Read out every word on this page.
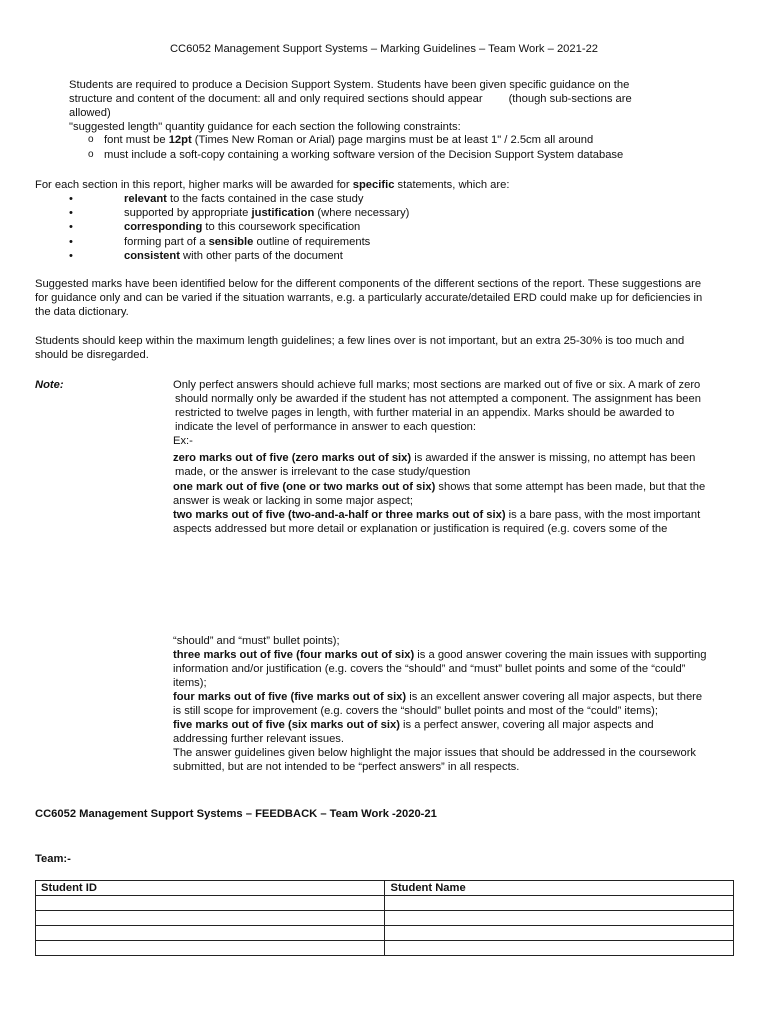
CC6052 Management Support Systems – Marking Guidelines – Team Work – 2021-22
Students are required to produce a Decision Support System. Students have been given specific guidance on the
structure and content of the document: all and only required sections should appear (though sub-sections are
allowed)
"suggested length" quantity guidance for each section the following constraints:
o font must be 12pt (Times New Roman or Arial) page margins must be at least 1" / 2.5cm all around
o must include a soft-copy containing a working software version of the Decision Support System database
For each section in this report, higher marks will be awarded for specific statements, which are:
•	relevant to the facts contained in the case study
•	supported by appropriate justification (where necessary)
•	corresponding to this coursework specification
•	forming part of a sensible outline of requirements
•	consistent with other parts of the document
Suggested marks have been identified below for the different components of the different sections of the report. These suggestions are
for guidance only and can be varied if the situation warrants, e.g. a particularly accurate/detailed ERD could make up for deficiencies in
the data dictionary.
Students should keep within the maximum length guidelines; a few lines over is not important, but an extra 25-30% is too much and
should be disregarded.
Note:	Only perfect answers should achieve full marks; most sections are marked out of five or six. A mark of zero
should normally only be awarded if the student has not attempted a component. The assignment has been
restricted to twelve pages in length, with further material in an appendix. Marks should be awarded to
indicate the level of performance in answer to each question:
Ex:-
zero marks out of five (zero marks out of six) is awarded if the answer is missing, no attempt has been
made, or the answer is irrelevant to the case study/question
one mark out of five (one or two marks out of six) shows that some attempt has been made, but that the
answer is weak or lacking in some major aspect;
two marks out of five (two-and-a-half or three marks out of six) is a bare pass, with the most important
aspects addressed but more detail or explanation or justification is required (e.g. covers some of the
“should” and “must” bullet points);
three marks out of five (four marks out of six) is a good answer covering the main issues with supporting
information and/or justification (e.g. covers the “should” and “must” bullet points and some of the “could”
items);
four marks out of five (five marks out of six) is an excellent answer covering all major aspects, but there
is still scope for improvement (e.g. covers the “should” bullet points and most of the “could” items);
five marks out of five (six marks out of six) is a perfect answer, covering all major aspects and
addressing further relevant issues.
The answer guidelines given below highlight the major issues that should be addressed in the coursework
submitted, but are not intended to be “perfect answers” in all respects.
CC6052 Management Support Systems – FEEDBACK – Team Work -2020-21
Team:-
Student ID	Student Name
